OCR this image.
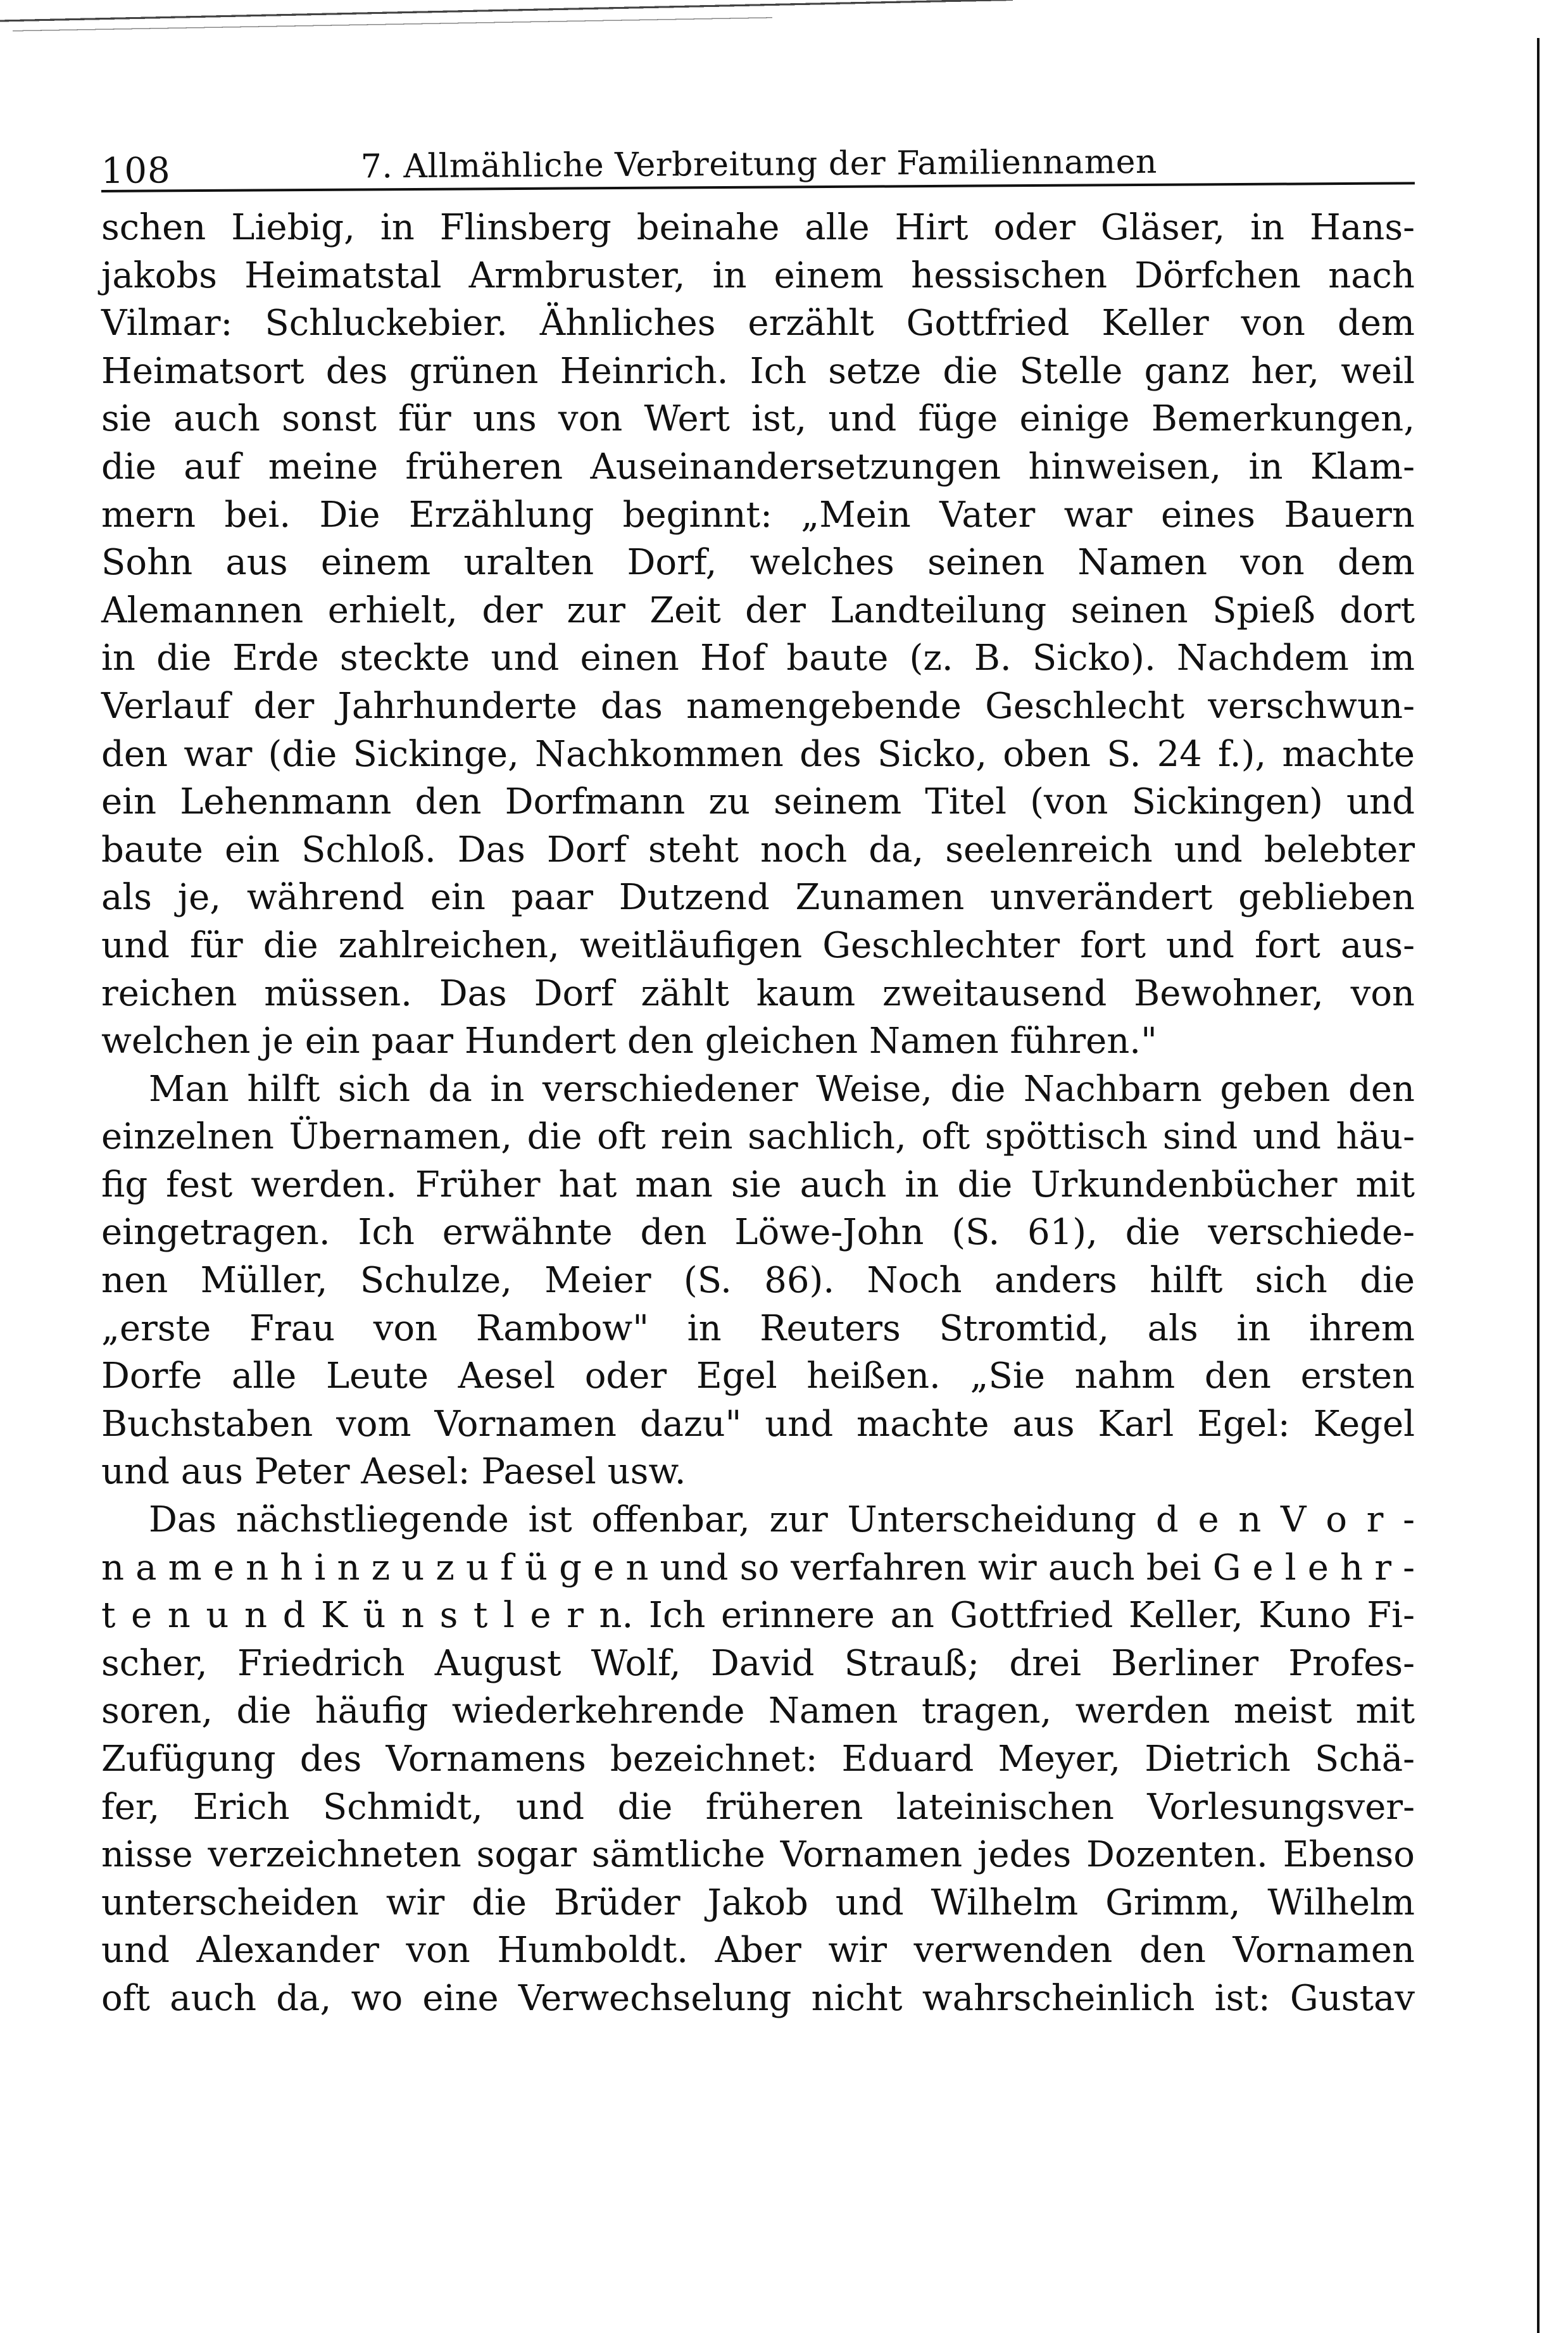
108	7. Allmähliche Verbreitung der Familiennamen
schen Liebig, in Flinsberg beinahe alle Hirt oder Gläser, in Hans-
jakobs Heimatstal Armbruster, in einem hessischen Dörfchen nach
Vilmar: Schluckebier. Ähnliches erzählt Gottfried Keller von dem
Heimatsort des grünen Heinrich. Ich setze die Stelle ganz her, weil
sie auch sonst für uns von Wert ist, und füge einige Bemerkungen,
die auf meine früheren Auseinandersetzungen hinweisen, in Klam-
mern bei. Die Erzählung beginnt: „Mein Vater war eines Bauern
Sohn aus einem uralten Dorf, welches seinen Namen von dem
Alemannen erhielt, der zur Zeit der Landteilung seinen Spieß dort
in die Erde steckte und einen Hof baute (z. B. Sicko). Nachdem im
Verlauf der Jahrhunderte das namengebende Geschlecht verschwun-
den war (die Sickinge, Nachkommen des Sicko, oben S. 24 f.), machte
ein Lehenmann den Dorfmann zu seinem Titel (von Sickingen) und
baute ein Schloß. Das Dorf steht noch da, seelenreich und belebter
als je, während ein paar Dutzend Zunamen unverändert geblieben
und für die zahlreichen, weitläufigen Geschlechter fort und fort aus-
reichen müssen. Das Dorf zählt kaum zweitausend Bewohner, von
welchen je ein paar Hundert den gleichen Namen führen."
Man hilft sich da in verschiedener Weise, die Nachbarn geben den
einzelnen Übernamen, die oft rein sachlich, oft spöttisch sind und häu-
fig fest werden. Früher hat man sie auch in die Urkundenbücher mit
eingetragen. Ich erwähnte den Löwe-John (S. 61), die verschiede-
nen Müller, Schulze, Meier (S. 86). Noch anders hilft sich die
„erste Frau von Rambow" in Reuters Stromtid, als in ihrem
Dorfe alle Leute Aesel oder Egel heißen. „Sie nahm den ersten
Buchstaben vom Vornamen dazu" und machte aus Karl Egel: Kegel
und aus Peter Aesel: Paesel usw.
Das nächstliegende ist offenbar, zur Unterscheidung d e n V o r -
n a m e n h i n z u z u f ü g e n und so verfahren wir auch bei G e l e h r -
t e n u n d K ü n s t l e r n. Ich erinnere an Gottfried Keller, Kuno Fi-
scher, Friedrich August Wolf, David Strauß; drei Berliner Profes-
soren, die häufig wiederkehrende Namen tragen, werden meist mit
Zufügung des Vornamens bezeichnet: Eduard Meyer, Dietrich Schä-
fer, Erich Schmidt, und die früheren lateinischen Vorlesungsver-
nisse verzeichneten sogar sämtliche Vornamen jedes Dozenten. Ebenso
unterscheiden wir die Brüder Jakob und Wilhelm Grimm, Wilhelm
und Alexander von Humboldt. Aber wir verwenden den Vornamen
oft auch da, wo eine Verwechselung nicht wahrscheinlich ist: Gustav
